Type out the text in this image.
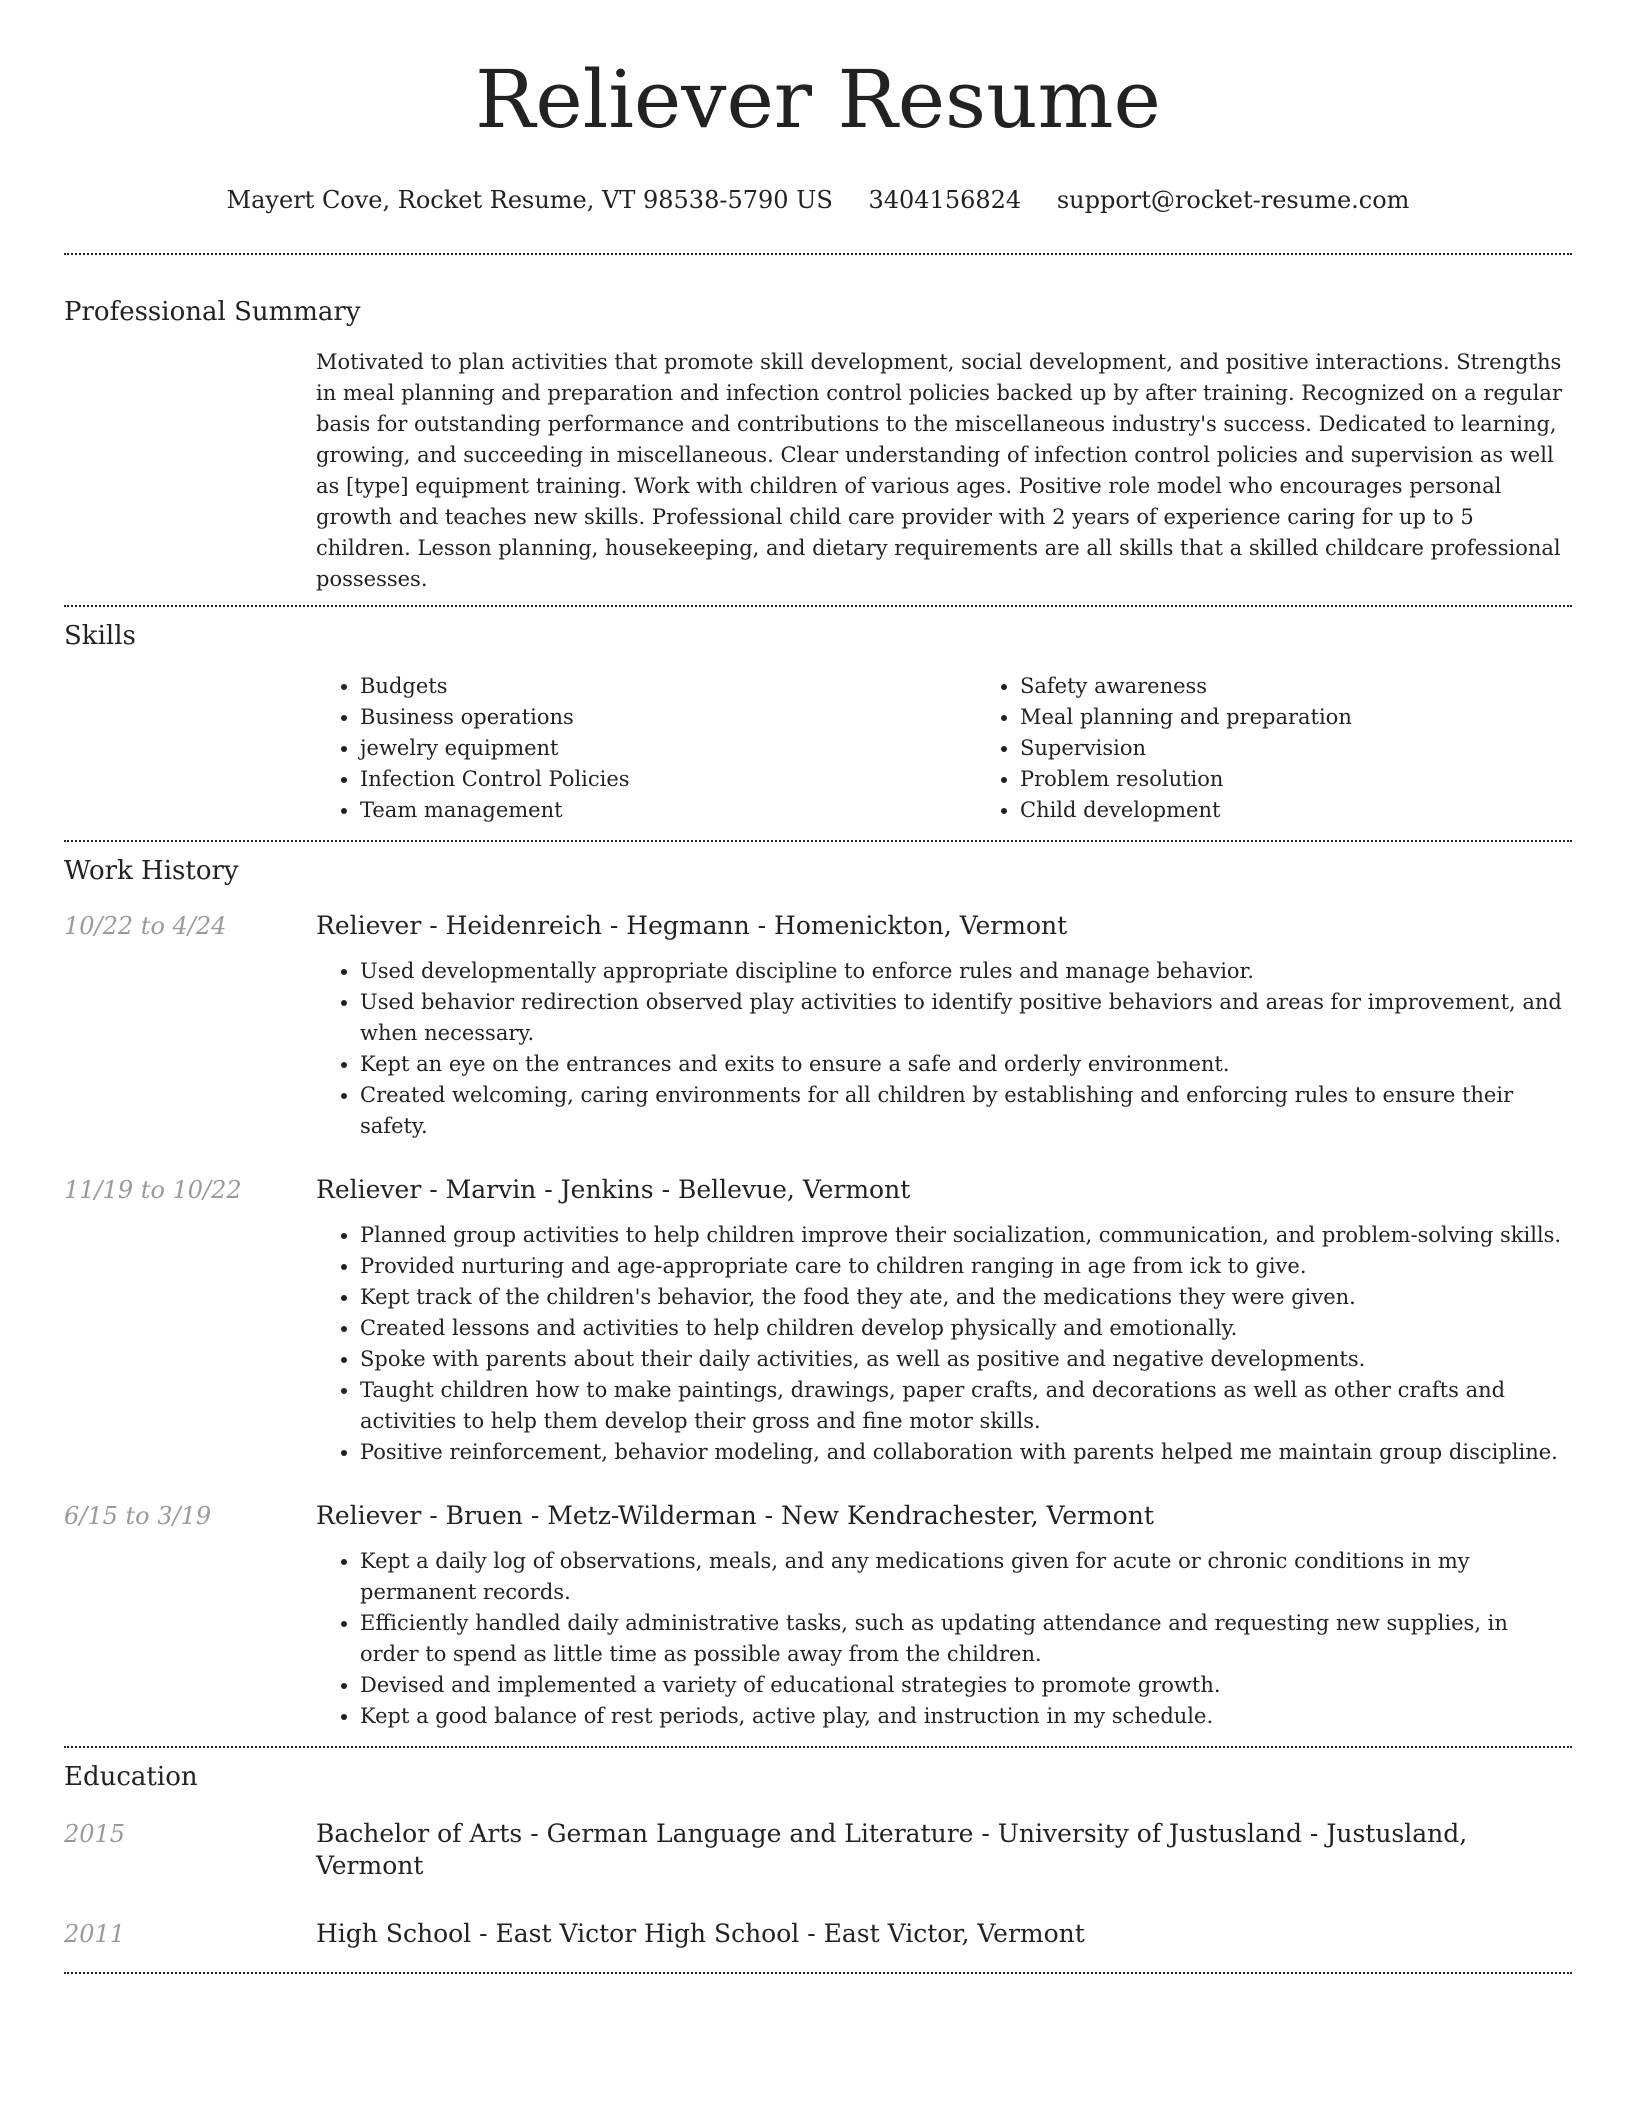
Reliever Resume
Mayert Cove, Rocket Resume, VT 98538-5790 US 3404156824 support@rocket-resume.com
Professional Summary
Motivated to plan activities that promote skill development, social development, and positive interactions. Strengths in meal planning and preparation and infection control policies backed up by after training. Recognized on a regular basis for outstanding performance and contributions to the miscellaneous industry's success. Dedicated to learning, growing, and succeeding in miscellaneous. Clear understanding of infection control policies and supervision as well as [type] equipment training. Work with children of various ages. Positive role model who encourages personal growth and teaches new skills. Professional child care provider with 2 years of experience caring for up to 5 children. Lesson planning, housekeeping, and dietary requirements are all skills that a skilled childcare professional possesses.
Skills
• Budgets
• Business operations
• jewelry equipment
• Infection Control Policies
• Team management
• Safety awareness
• Meal planning and preparation
• Supervision
• Problem resolution
• Child development
Work History
10/22 to 4/24	Reliever - Heidenreich - Hegmann - Homenickton, Vermont
• Used developmentally appropriate discipline to enforce rules and manage behavior.
• Used behavior redirection observed play activities to identify positive behaviors and areas for improvement, and when necessary.
• Kept an eye on the entrances and exits to ensure a safe and orderly environment.
• Created welcoming, caring environments for all children by establishing and enforcing rules to ensure their safety.
11/19 to 10/22	Reliever - Marvin - Jenkins - Bellevue, Vermont
• Planned group activities to help children improve their socialization, communication, and problem-solving skills.
• Provided nurturing and age-appropriate care to children ranging in age from ick to give.
• Kept track of the children's behavior, the food they ate, and the medications they were given.
• Created lessons and activities to help children develop physically and emotionally.
• Spoke with parents about their daily activities, as well as positive and negative developments.
• Taught children how to make paintings, drawings, paper crafts, and decorations as well as other crafts and activities to help them develop their gross and fine motor skills.
• Positive reinforcement, behavior modeling, and collaboration with parents helped me maintain group discipline.
6/15 to 3/19	Reliever - Bruen - Metz-Wilderman - New Kendrachester, Vermont
• Kept a daily log of observations, meals, and any medications given for acute or chronic conditions in my permanent records.
• Efficiently handled daily administrative tasks, such as updating attendance and requesting new supplies, in order to spend as little time as possible away from the children.
• Devised and implemented a variety of educational strategies to promote growth.
• Kept a good balance of rest periods, active play, and instruction in my schedule.
Education
2015	Bachelor of Arts - German Language and Literature - University of Justusland - Justusland, Vermont
2011	High School - East Victor High School - East Victor, Vermont
